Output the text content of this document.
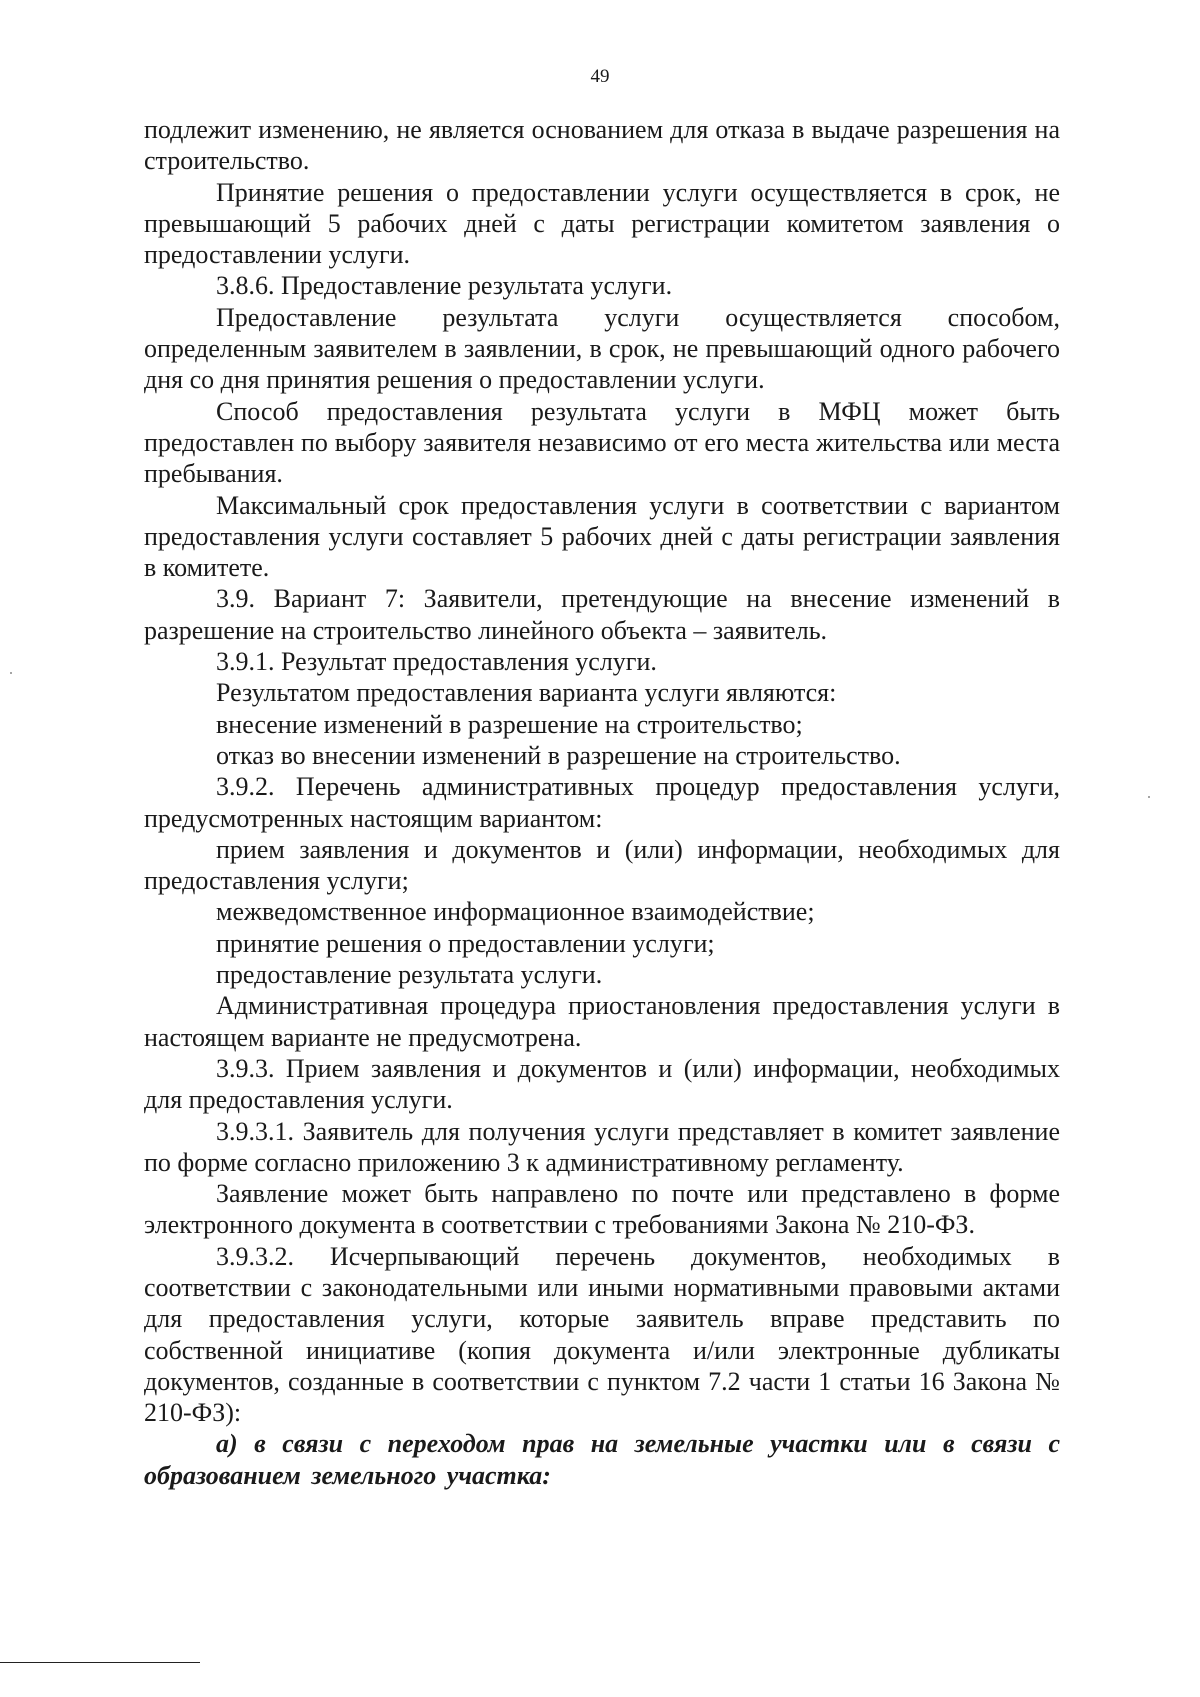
49

подлежит изменению, не является основанием для отказа в выдаче разрешения на строительство.

Принятие решения о предоставлении услуги осуществляется в срок, не превышающий 5 рабочих дней с даты регистрации комитетом заявления о предоставлении услуги.

3.8.6. Предоставление результата услуги.

Предоставление результата услуги осуществляется способом, определенным заявителем в заявлении, в срок, не превышающий одного рабочего дня со дня принятия решения о предоставлении услуги.

Способ предоставления результата услуги в МФЦ может быть предоставлен по выбору заявителя независимо от его места жительства или места пребывания.

Максимальный срок предоставления услуги в соответствии с вариантом предоставления услуги составляет 5 рабочих дней с даты регистрации заявления в комитете.

3.9. Вариант 7: Заявители, претендующие на внесение изменений в разрешение на строительство линейного объекта – заявитель.

3.9.1. Результат предоставления услуги.

Результатом предоставления варианта услуги являются:

внесение изменений в разрешение на строительство;

отказ во внесении изменений в разрешение на строительство.

3.9.2. Перечень административных процедур предоставления услуги, предусмотренных настоящим вариантом:

прием заявления и документов и (или) информации, необходимых для предоставления услуги;

межведомственное информационное взаимодействие;

принятие решения о предоставлении услуги;

предоставление результата услуги.

Административная процедура приостановления предоставления услуги в настоящем варианте не предусмотрена.

3.9.3. Прием заявления и документов и (или) информации, необходимых для предоставления услуги.

3.9.3.1. Заявитель для получения услуги представляет в комитет заявление по форме согласно приложению 3 к административному регламенту.

Заявление может быть направлено по почте или представлено в форме электронного документа в соответствии с требованиями Закона № 210-ФЗ.

3.9.3.2. Исчерпывающий перечень документов, необходимых в соответствии с законодательными или иными нормативными правовыми актами для предоставления услуги, которые заявитель вправе представить по собственной инициативе (копия документа и/или электронные дубликаты документов, созданные в соответствии с пунктом 7.2 части 1 статьи 16 Закона № 210-ФЗ):

а) в связи с переходом прав на земельные участки или в связи с образованием земельного участка:
